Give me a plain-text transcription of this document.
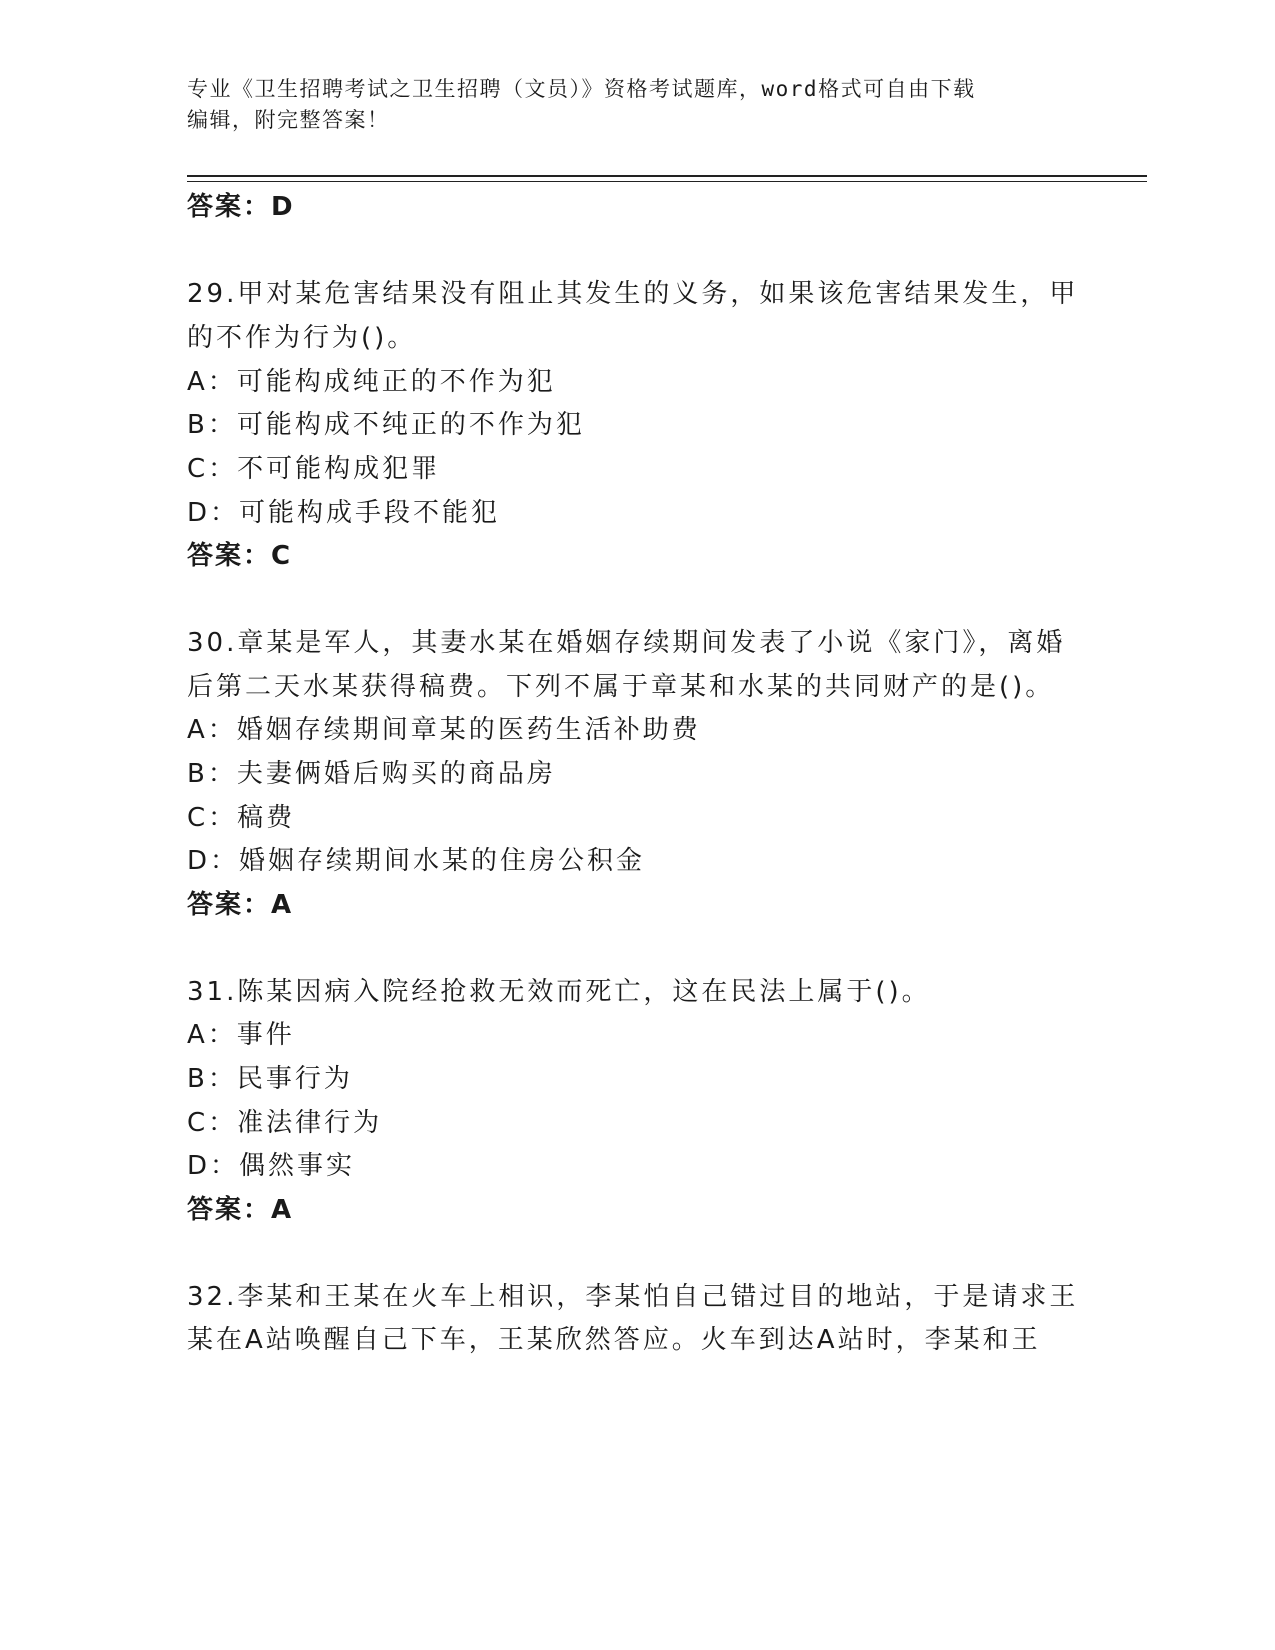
专业《卫生招聘考试之卫生招聘（文员）》资格考试题库，word格式可自由下载
编辑，附完整答案！
答案：D
29.甲对某危害结果没有阻止其发生的义务，如果该危害结果发生，甲
的不作为行为()。
A：可能构成纯正的不作为犯
B：可能构成不纯正的不作为犯
C：不可能构成犯罪
D：可能构成手段不能犯
答案：C
30.章某是军人，其妻水某在婚姻存续期间发表了小说《家门》，离婚
后第二天水某获得稿费。下列不属于章某和水某的共同财产的是()。
A：婚姻存续期间章某的医药生活补助费
B：夫妻俩婚后购买的商品房
C：稿费
D：婚姻存续期间水某的住房公积金
答案：A
31.陈某因病入院经抢救无效而死亡，这在民法上属于()。
A：事件
B：民事行为
C：准法律行为
D：偶然事实
答案：A
32.李某和王某在火车上相识，李某怕自己错过目的地站，于是请求王
某在A站唤醒自己下车，王某欣然答应。火车到达A站时，李某和王
